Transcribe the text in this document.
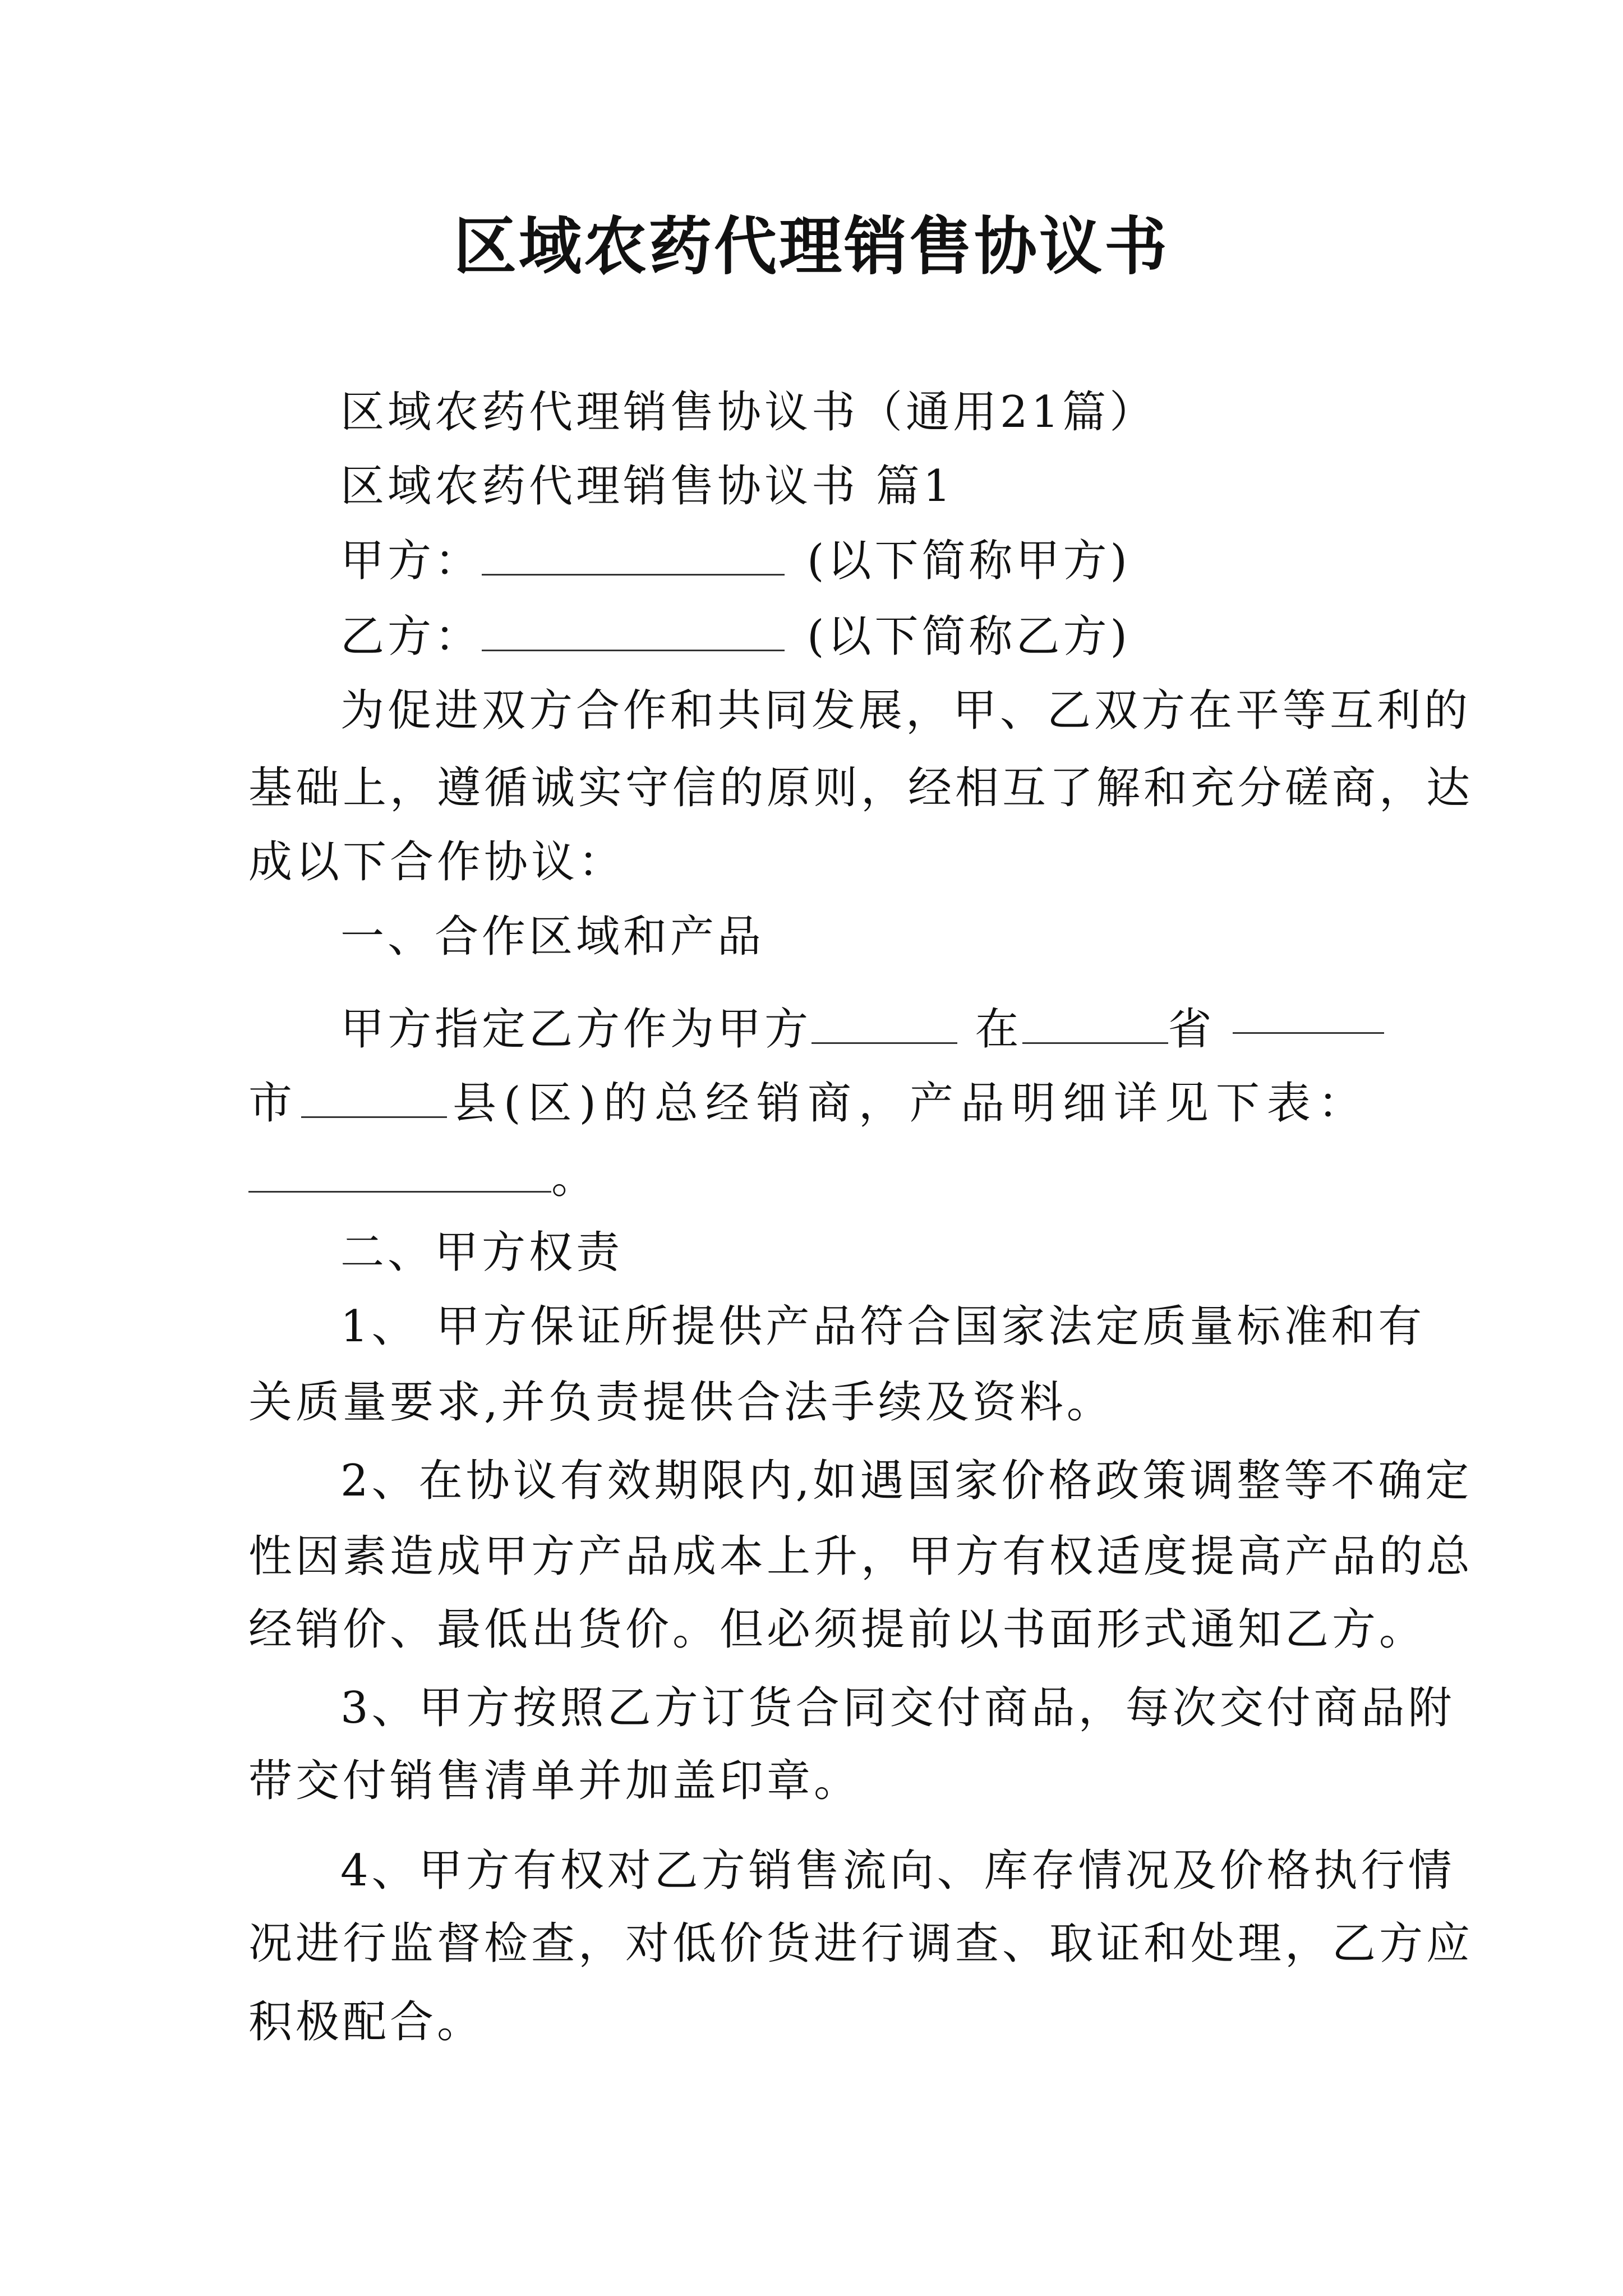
区域农药代理销售协议书
区域农药代理销售协议书（通用21篇）
区域农药代理销售协议书 篇1
甲方：	(以下简称甲方)
乙方：	(以下简称乙方)
为促进双方合作和共同发展，甲、乙双方在平等互利的
基础上，遵循诚实守信的原则，经相互了解和充分磋商，达
成以下合作协议：
一、合作区域和产品
甲方指定乙方作为甲方	在	省
市	县(区)的总经销商，产品明细详见下表：
。
二、甲方权责
1、 甲方保证所提供产品符合国家法定质量标准和有
关质量要求,并负责提供合法手续及资料。
2、在协议有效期限内,如遇国家价格政策调整等不确定
性因素造成甲方产品成本上升，甲方有权适度提高产品的总
经销价、最低出货价。但必须提前以书面形式通知乙方。
3、甲方按照乙方订货合同交付商品，每次交付商品附
带交付销售清单并加盖印章。
4、甲方有权对乙方销售流向、库存情况及价格执行情
况进行监督检查，对低价货进行调查、取证和处理，乙方应
积极配合。
